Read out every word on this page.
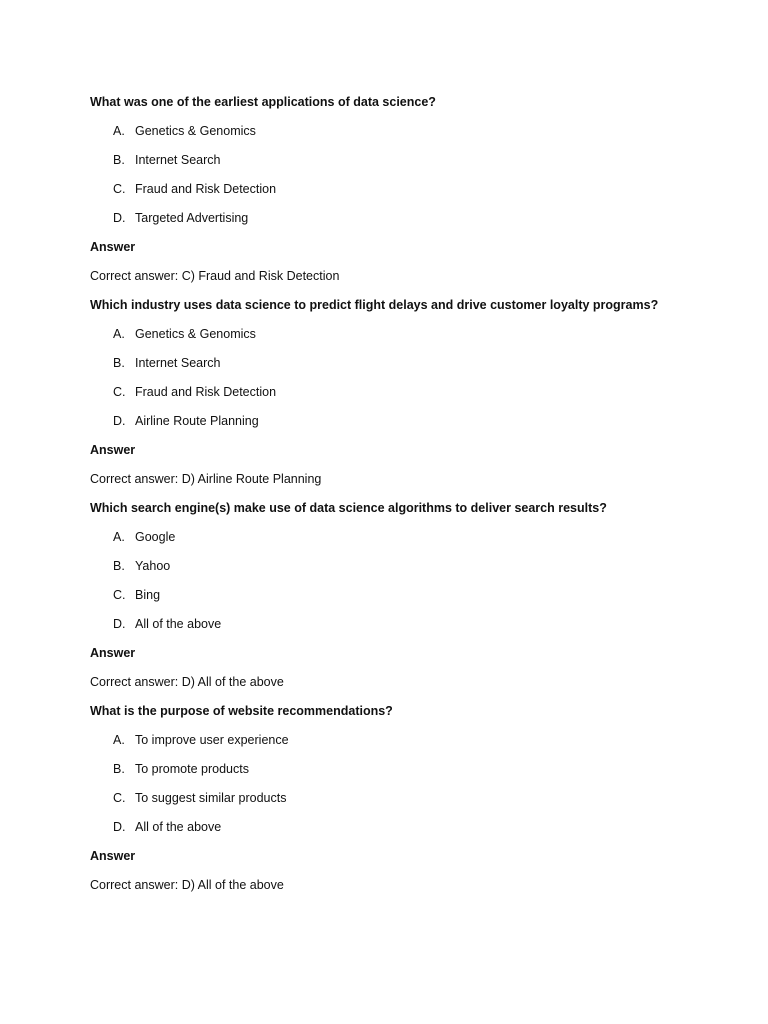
What was one of the earliest applications of data science?
A. Genetics & Genomics
B. Internet Search
C. Fraud and Risk Detection
D. Targeted Advertising
Answer
Correct answer: C) Fraud and Risk Detection
Which industry uses data science to predict flight delays and drive customer loyalty programs?
A. Genetics & Genomics
B. Internet Search
C. Fraud and Risk Detection
D. Airline Route Planning
Answer
Correct answer: D) Airline Route Planning
Which search engine(s) make use of data science algorithms to deliver search results?
A. Google
B. Yahoo
C. Bing
D. All of the above
Answer
Correct answer: D) All of the above
What is the purpose of website recommendations?
A. To improve user experience
B. To promote products
C. To suggest similar products
D. All of the above
Answer
Correct answer: D) All of the above
